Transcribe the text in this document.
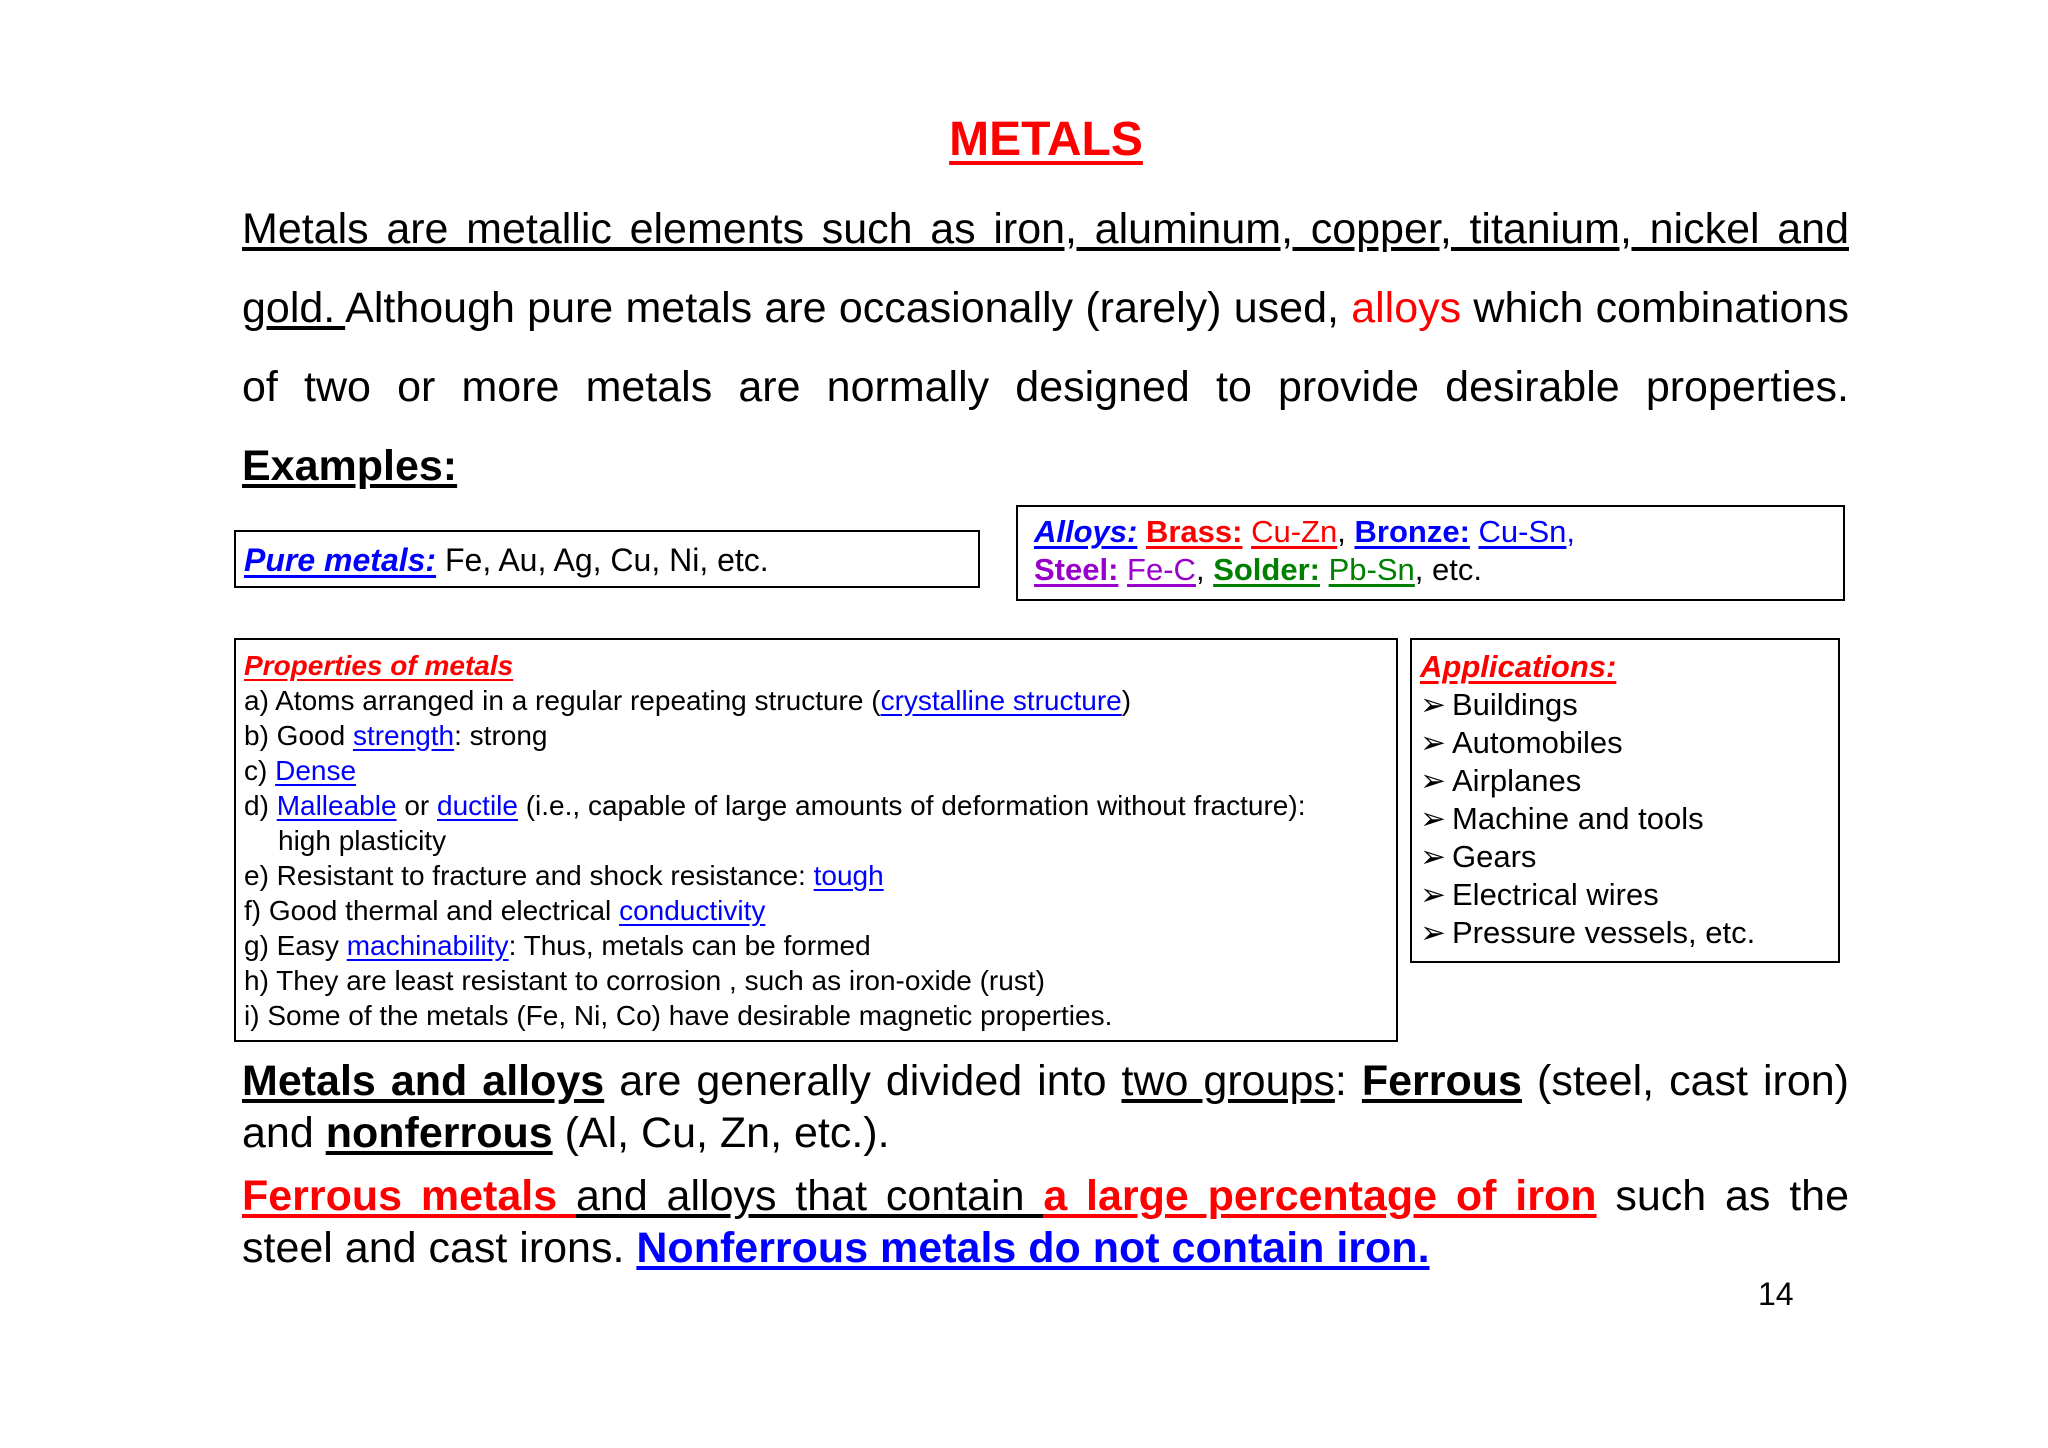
METALS
Metals are metallic elements such as iron, aluminum, copper, titanium, nickel and gold. Although pure metals are occasionally (rarely) used, alloys which combinations of two or more metals are normally designed to provide desirable properties. Examples:
Pure metals: Fe, Au, Ag, Cu, Ni, etc.
Alloys: Brass: Cu-Zn, Bronze: Cu-Sn,
Steel: Fe-C, Solder: Pb-Sn, etc.
Properties of metals
a) Atoms arranged in a regular repeating structure (crystalline structure)
b) Good strength: strong
c) Dense
d) Malleable or ductile (i.e., capable of large amounts of deformation without fracture):
high plasticity
e) Resistant to fracture and shock resistance: tough
f) Good thermal and electrical conductivity
g) Easy machinability: Thus, metals can be formed
h) They are least resistant to corrosion , such as iron-oxide (rust)
i) Some of the metals (Fe, Ni, Co) have desirable magnetic properties.
Applications:
➢ Buildings
➢ Automobiles
➢ Airplanes
➢ Machine and tools
➢ Gears
➢ Electrical wires
➢ Pressure vessels, etc.
Metals and alloys are generally divided into two groups: Ferrous (steel, cast iron) and nonferrous (Al, Cu, Zn, etc.).
Ferrous metals and alloys that contain a large percentage of iron such as the steel and cast irons. Nonferrous metals do not contain iron.
14
